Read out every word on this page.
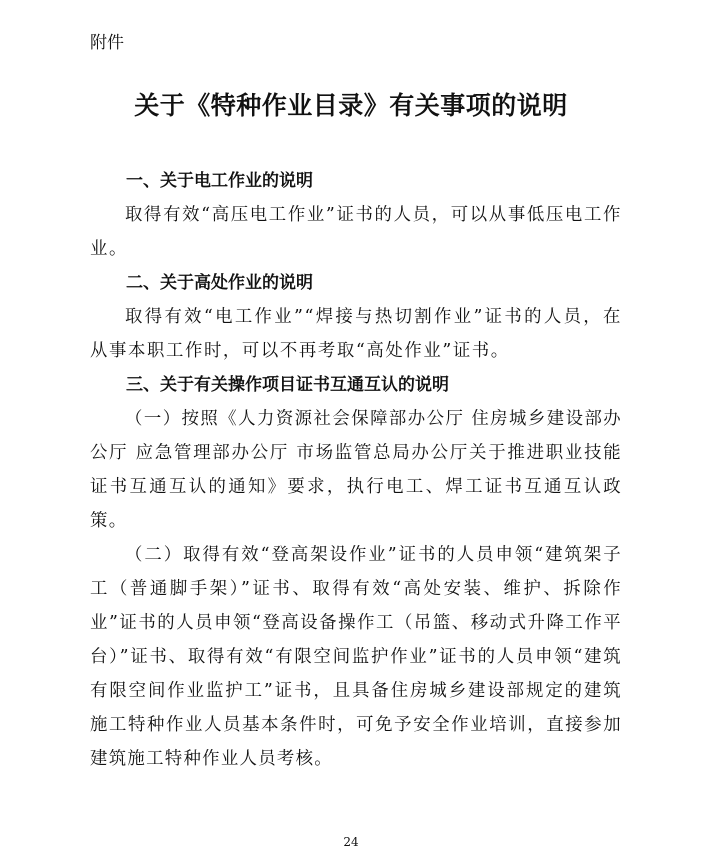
附件
关于《特种作业目录》有关事项的说明

一、关于电工作业的说明

取得有效“高压电工作业”证书的人员，可以从事低压电工作业。

二、关于高处作业的说明

取得有效“电工作业”“焊接与热切割作业”证书的人员，在从事本职工作时，可以不再考取“高处作业”证书。

三、关于有关操作项目证书互通互认的说明

（一）按照《人力资源社会保障部办公厅 住房城乡建设部办公厅 应急管理部办公厅 市场监管总局办公厅关于推进职业技能证书互通互认的通知》要求，执行电工、焊工证书互通互认政策。

（二）取得有效“登高架设作业”证书的人员申领“建筑架子工（普通脚手架）”证书、取得有效“高处安装、维护、拆除作业”证书的人员申领“登高设备操作工（吊篮、移动式升降工作平台）”证书、取得有效“有限空间监护作业”证书的人员申领“建筑有限空间作业监护工”证书，且具备住房城乡建设部规定的建筑施工特种作业人员基本条件时，可免予安全作业培训，直接参加建筑施工特种作业人员考核。

24
